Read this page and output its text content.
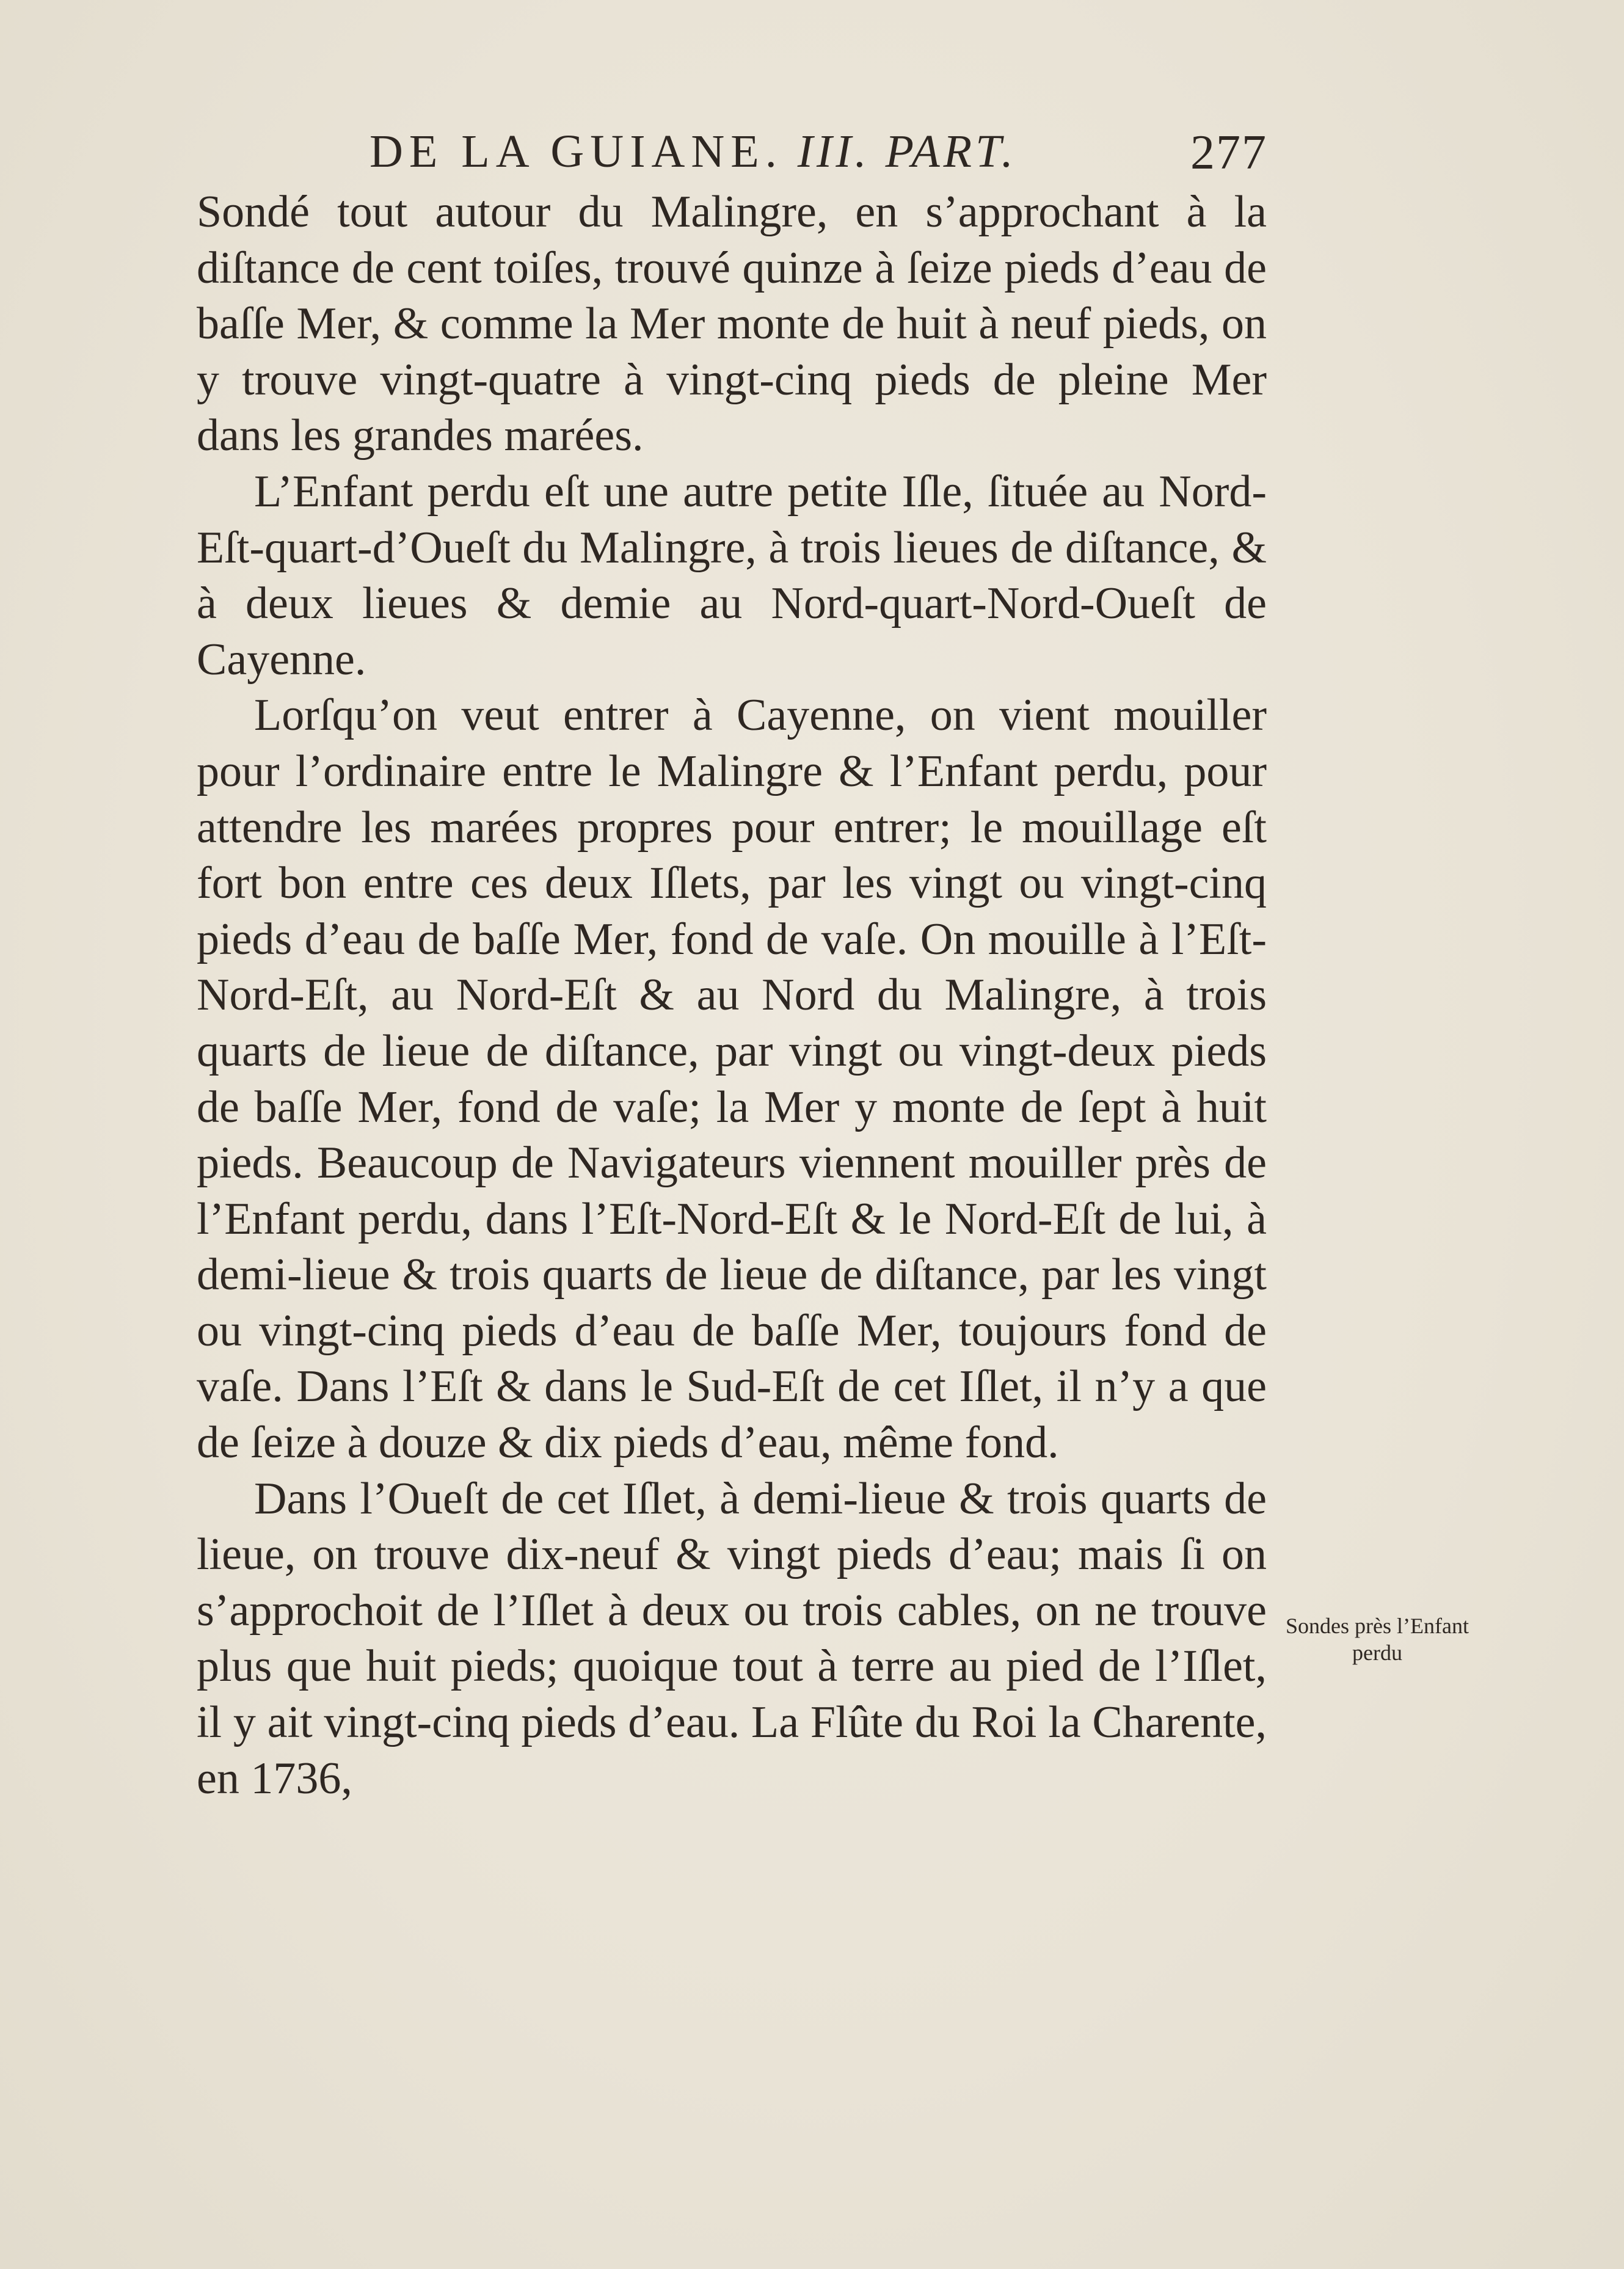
DE LA GUIANE. III. PART.	277

Sondé tout autour du Malingre, en s’approchant à la diſtance de cent toiſes, trouvé quinze à ſeize pieds d’eau de baſſe Mer, & comme la Mer monte de huit à neuf pieds, on y trouve vingt-quatre à vingt-cinq pieds de pleine Mer dans les grandes marées.

L’Enfant perdu eſt une autre petite Iſle, ſituée au Nord-Eſt-quart-d’Oueſt du Malingre, à trois lieues de diſtance, & à deux lieues & demie au Nord-quart-Nord-Oueſt de Cayenne.

Lorſqu’on veut entrer à Cayenne, on vient mouiller pour l’ordinaire entre le Malingre & l’Enfant perdu, pour attendre les marées propres pour entrer; le mouillage eſt fort bon entre ces deux Iſlets, par les vingt ou vingt-cinq pieds d’eau de baſſe Mer, fond de vaſe. On mouille à l’Eſt-Nord-Eſt, au Nord-Eſt & au Nord du Malingre, à trois quarts de lieue de diſtance, par vingt ou vingt-deux pieds de baſſe Mer, fond de vaſe; la Mer y monte de ſept à huit pieds. Beaucoup de Navigateurs viennent mouiller près de l’Enfant perdu, dans l’Eſt-Nord-Eſt & le Nord-Eſt de lui, à demi-lieue & trois quarts de lieue de diſtance, par les vingt ou vingt-cinq pieds d’eau de baſſe Mer, toujours fond de vaſe. Dans l’Eſt & dans le Sud-Eſt de cet Iſlet, il n’y a que de ſeize à douze & dix pieds d’eau, même fond.

Dans l’Oueſt de cet Iſlet, à demi-lieue & trois quarts de lieue, on trouve dix-neuf & vingt pieds d’eau; mais ſi on s’approchoit de l’Iſlet à deux ou trois cables, on ne trouve plus que huit pieds; quoique tout à terre au pied de l’Iſlet, il y ait vingt-cinq pieds d’eau. La Flûte du Roi la Charente, en 1736,

Sondes près l’Enfant perdu
